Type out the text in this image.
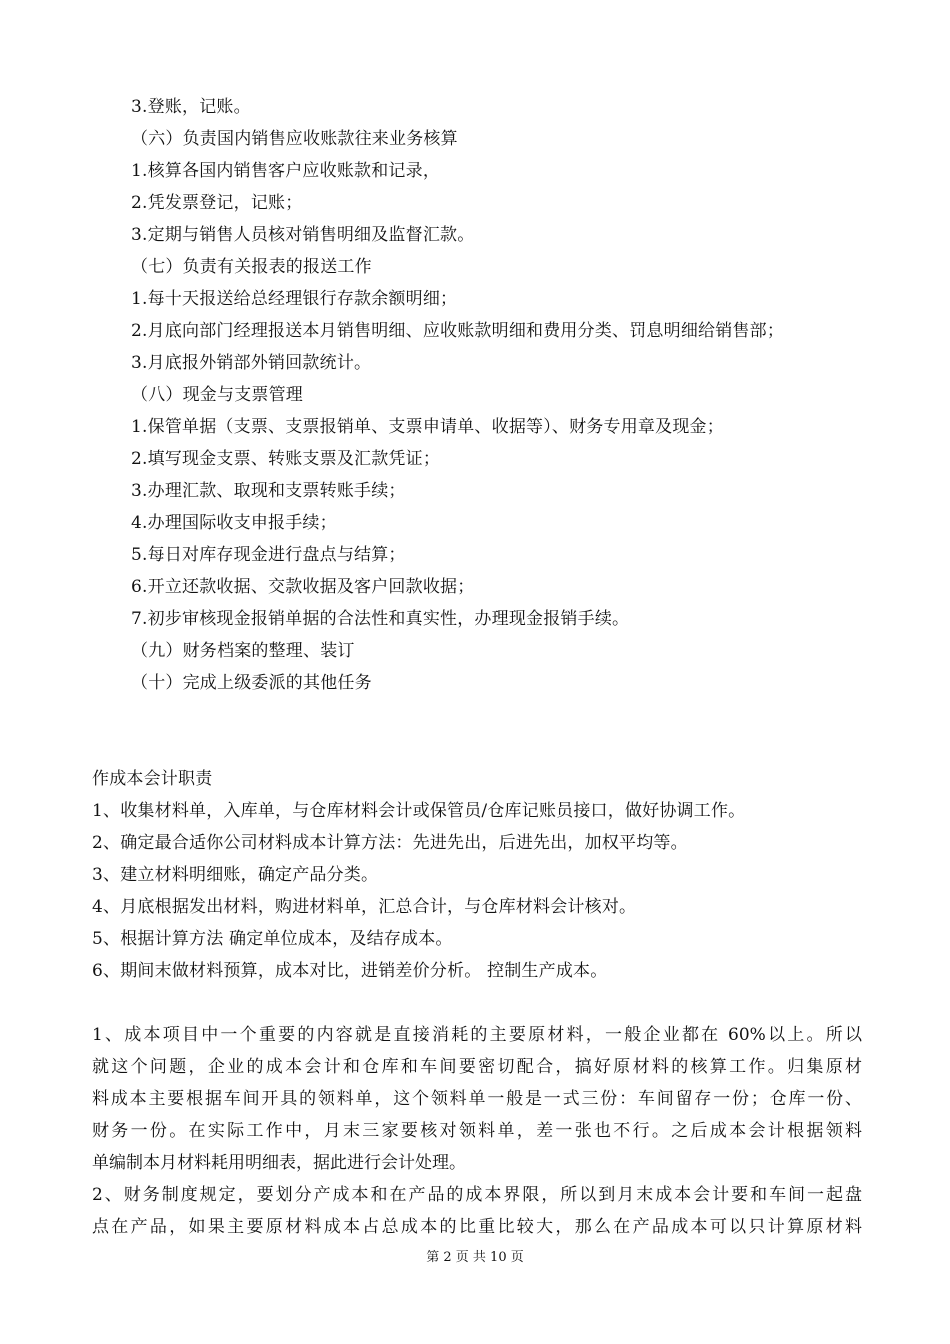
3.登账，记账。
（六）负责国内销售应收账款往来业务核算
1.核算各国内销售客户应收账款和记录，
2.凭发票登记，记账；
3.定期与销售人员核对销售明细及监督汇款。
（七）负责有关报表的报送工作
1.每十天报送给总经理银行存款余额明细；
2.月底向部门经理报送本月销售明细、应收账款明细和费用分类、罚息明细给销售部；
3.月底报外销部外销回款统计。
（八）现金与支票管理
1.保管单据（支票、支票报销单、支票申请单、收据等）、财务专用章及现金；
2.填写现金支票、转账支票及汇款凭证；
3.办理汇款、取现和支票转账手续；
4.办理国际收支申报手续；
5.每日对库存现金进行盘点与结算；
6.开立还款收据、交款收据及客户回款收据；
7.初步审核现金报销单据的合法性和真实性，办理现金报销手续。
（九）财务档案的整理、装订
（十）完成上级委派的其他任务
作成本会计职责
1、收集材料单，入库单，与仓库材料会计或保管员/仓库记账员接口，做好协调工作。
2、确定最合适你公司材料成本计算方法：先进先出，后进先出，加权平均等。
3、建立材料明细账，确定产品分类。
4、月底根据发出材料，购进材料单，汇总合计，与仓库材料会计核对。
5、根据计算方法 确定单位成本，及结存成本。
6、期间末做材料预算，成本对比，进销差价分析。 控制生产成本。
1、成本项目中一个重要的内容就是直接消耗的主要原材料，一般企业都在 60%以上。所以
就这个问题，企业的成本会计和仓库和车间要密切配合，搞好原材料的核算工作。归集原材
料成本主要根据车间开具的领料单，这个领料单一般是一式三份：车间留存一份；仓库一份、
财务一份。在实际工作中，月末三家要核对领料单，差一张也不行。之后成本会计根据领料
单编制本月材料耗用明细表，据此进行会计处理。
2、财务制度规定，要划分产成本和在产品的成本界限，所以到月末成本会计要和车间一起盘
点在产品，如果主要原材料成本占总成本的比重比较大，那么在产品成本可以只计算原材料
第 2 页 共 10 页
